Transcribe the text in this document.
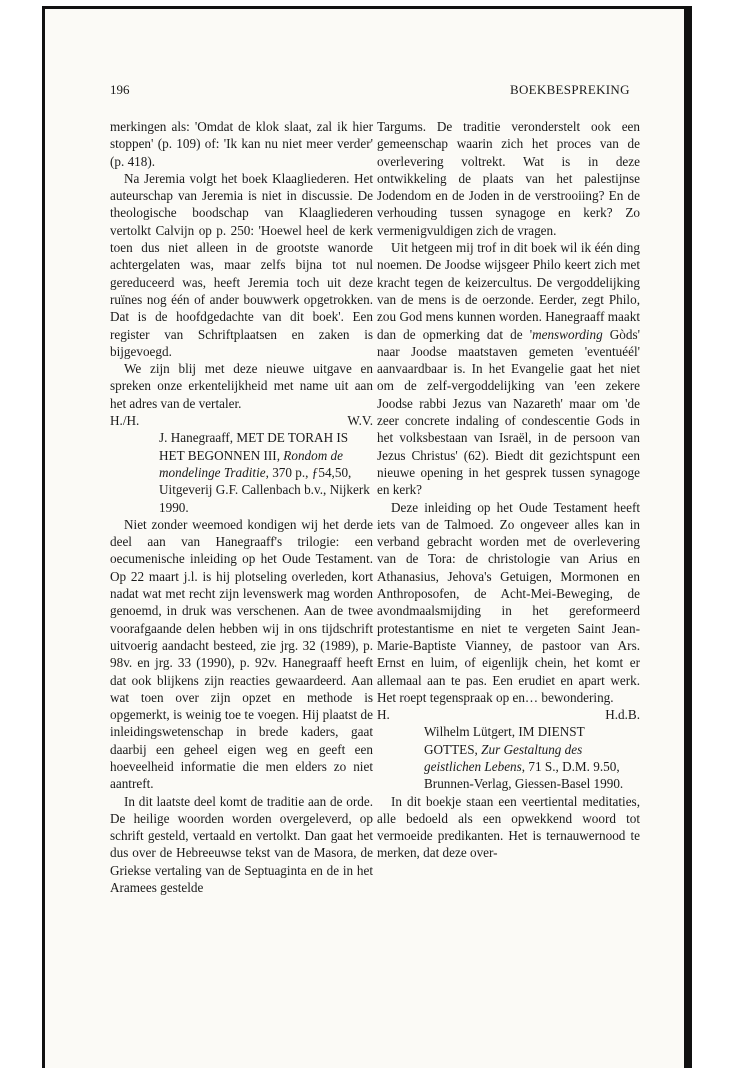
196	BOEKBESPREKING

merkingen als: 'Omdat de klok slaat, zal ik hier stoppen' (p. 109) of: 'Ik kan nu niet meer verder' (p. 418).

Na Jeremia volgt het boek Klaagliederen. Het auteurschap van Jeremia is niet in discussie. De theologische boodschap van Klaagliederen vertolkt Calvijn op p. 250: 'Hoewel heel de kerk toen dus niet alleen in de grootste wanorde achtergelaten was, maar zelfs bijna tot nul gereduceerd was, heeft Jeremia toch uit deze ruïnes nog één of ander bouwwerk opgetrokken. Dat is de hoofdgedachte van dit boek'. Een register van Schriftplaatsen en zaken is bijgevoegd.

We zijn blij met deze nieuwe uitgave en spreken onze erkentelijkheid met name uit aan het adres van de vertaler.

H./H.	W.V.

J. Hanegraaff, MET DE TORAH IS HET BEGONNEN III, Rondom de mondelinge Traditie, 370 p., ƒ54,50, Uitgeverij G.F. Callenbach b.v., Nijkerk 1990.

Niet zonder weemoed kondigen wij het derde deel aan van Hanegraaff's trilogie: een oecumenische inleiding op het Oude Testament. Op 22 maart j.l. is hij plotseling overleden, kort nadat wat met recht zijn levenswerk mag worden genoemd, in druk was verschenen. Aan de twee voorafgaande delen hebben wij in ons tijdschrift uitvoerig aandacht besteed, zie jrg. 32 (1989), p. 98v. en jrg. 33 (1990), p. 92v. Hanegraaff heeft dat ook blijkens zijn reacties gewaardeerd. Aan wat toen over zijn opzet en methode is opgemerkt, is weinig toe te voegen. Hij plaatst de inleidingswetenschap in brede kaders, gaat daarbij een geheel eigen weg en geeft een hoeveelheid informatie die men elders zo niet aantreft.

In dit laatste deel komt de traditie aan de orde. De heilige woorden worden overgeleverd, op schrift gesteld, vertaald en vertolkt. Dan gaat het dus over de Hebreeuwse tekst van de Masora, de Griekse vertaling van de Septuaginta en de in het Aramees gestelde

Targums. De traditie veronderstelt ook een gemeenschap waarin zich het proces van de overlevering voltrekt. Wat is in deze ontwikkeling de plaats van het palestijnse Jodendom en de Joden in de verstrooiing? En de verhouding tussen synagoge en kerk? Zo vermenigvuldigen zich de vragen.

Uit hetgeen mij trof in dit boek wil ik één ding noemen. De Joodse wijsgeer Philo keert zich met kracht tegen de keizercultus. De vergoddelijking van de mens is de oerzonde. Eerder, zegt Philo, zou God mens kunnen worden. Hanegraaff maakt dan de opmerking dat de 'menswording Gòds' naar Joodse maatstaven gemeten 'eventuéél' aanvaardbaar is. In het Evangelie gaat het niet om de zelf-vergoddelijking van 'een zekere Joodse rabbi Jezus van Nazareth' maar om 'de zeer concrete indaling of condescentie Gods in het volksbestaan van Israël, in de persoon van Jezus Christus' (62). Biedt dit gezichtspunt een nieuwe opening in het gesprek tussen synagoge en kerk?

Deze inleiding op het Oude Testament heeft iets van de Talmoed. Zo ongeveer alles kan in verband gebracht worden met de overlevering van de Tora: de christologie van Arius en Athanasius, Jehova's Getuigen, Mormonen en Anthroposofen, de Acht-Mei-Beweging, de avondmaalsmijding in het gereformeerd protestantisme en niet te vergeten Saint Jean-Marie-Baptiste Vianney, de pastoor van Ars. Ernst en luim, of eigenlijk chein, het komt er allemaal aan te pas. Een erudiet en apart werk. Het roept tegenspraak op en… bewondering.

H.	H.d.B.

Wilhelm Lütgert, IM DIENST GOTTES, Zur Gestaltung des geistlichen Lebens, 71 S., D.M. 9.50, Brunnen-Verlag, Giessen-Basel 1990.

In dit boekje staan een veertiental meditaties, alle bedoeld als een opwekkend woord tot vermoeide predikanten. Het is ternauwernood te merken, dat deze over-
